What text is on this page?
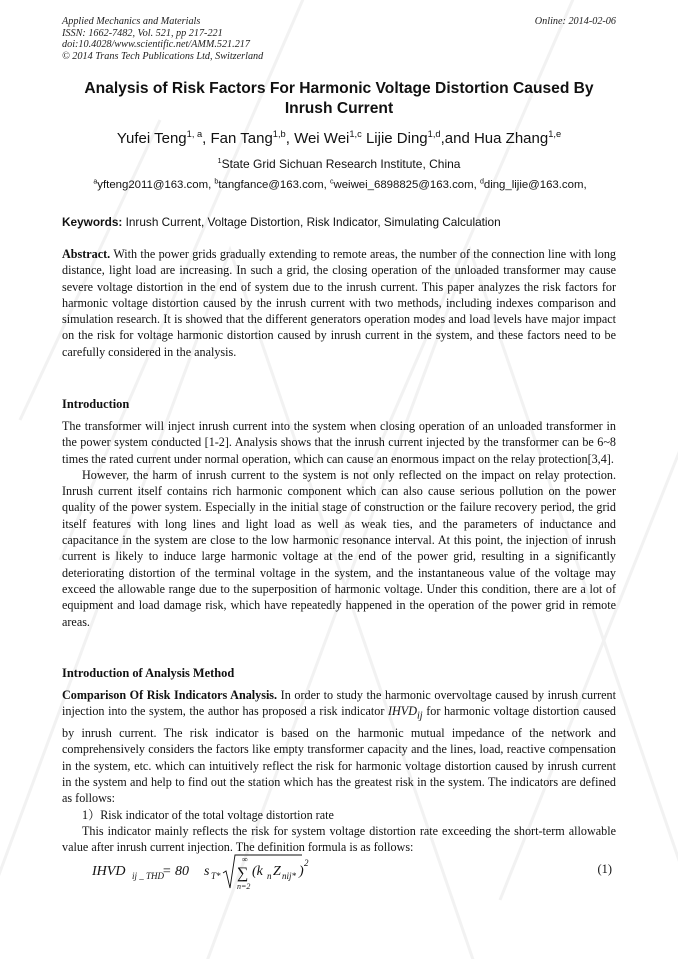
Applied Mechanics and Materials
ISSN: 1662-7482, Vol. 521, pp 217-221
doi:10.4028/www.scientific.net/AMM.521.217
© 2014 Trans Tech Publications Ltd, Switzerland
Online: 2014-02-06
Analysis of Risk Factors For Harmonic Voltage Distortion Caused By Inrush Current
Yufei Teng$^{1, a}$, Fan Tang$^{1,b}$, Wei Wei$^{1,c}$ Lijie Ding$^{1,d}$,and Hua Zhang$^{1,e}$
$^1$State Grid Sichuan Research Institute, China
$^a$yfteng2011@163.com, $^b$tangfance@163.com, $^c$weiwei_6898825@163.com, $^d$ding_lijie@163.com,
Keywords: Inrush Current, Voltage Distortion, Risk Indicator, Simulating Calculation

Abstract. With the power grids gradually extending to remote areas, the number of the connection line with long distance, light load are increasing. In such a grid, the closing operation of the unloaded transformer may cause severe voltage distortion in the end of system due to the inrush current. This paper analyzes the risk factors for harmonic voltage distortion caused by the inrush current with two methods, including indexes comparison and simulation research. It is showed that the different generators operation modes and load levels have major impact on the risk for voltage harmonic distortion caused by inrush current in the system, and these factors need to be carefully considered in the analysis.

Introduction

The transformer will inject inrush current into the system when closing operation of an unloaded transformer in the power system conducted [1-2]. Analysis shows that the inrush current injected by the transformer can be 6~8 times the rated current under normal operation, which can cause an enormous impact on the relay protection[3,4].

However, the harm of inrush current to the system is not only reflected on the impact on relay protection. Inrush current itself contains rich harmonic component which can also cause serious pollution on the power quality of the power system. Especially in the initial stage of construction or the failure recovery period, the grid itself features with long lines and light load as well as weak ties, and the parameters of inductance and capacitance in the system are close to the low harmonic resonance interval. At this point, the injection of inrush current is likely to induce large harmonic voltage at the end of the power grid, resulting in a significantly deteriorating distortion of the terminal voltage in the system, and the instantaneous value of the voltage may exceed the allowable range due to the superposition of harmonic voltage. Under this condition, there are a lot of equipment and load damage risk, which have repeatedly happened in the operation of the power grid in remote areas.

Introduction of Analysis Method

Comparison Of Risk Indicators Analysis. In order to study the harmonic overvoltage caused by inrush current injection into the system, the author has proposed a risk indicator $IHVD_{ij}$ for harmonic voltage distortion caused by inrush current. The risk indicator is based on the harmonic mutual impedance of the network and comprehensively considers the factors like empty transformer capacity and the lines, load, reactive compensation in the system, etc. which can intuitively reflect the risk for harmonic voltage distortion caused by inrush current in the system and help to find out the station which has the greatest risk in the system. The indicators are defined as follows:

1）Risk indicator of the total voltage distortion rate

This indicator mainly reflects the risk for system voltage distortion rate exceeding the short-term allowable value after inrush current injection. The definition formula is as follows:

IHVD ij _ THD
= 80 s T*
∞
∑
n=2
(k n Z nij* )
2	(1)
